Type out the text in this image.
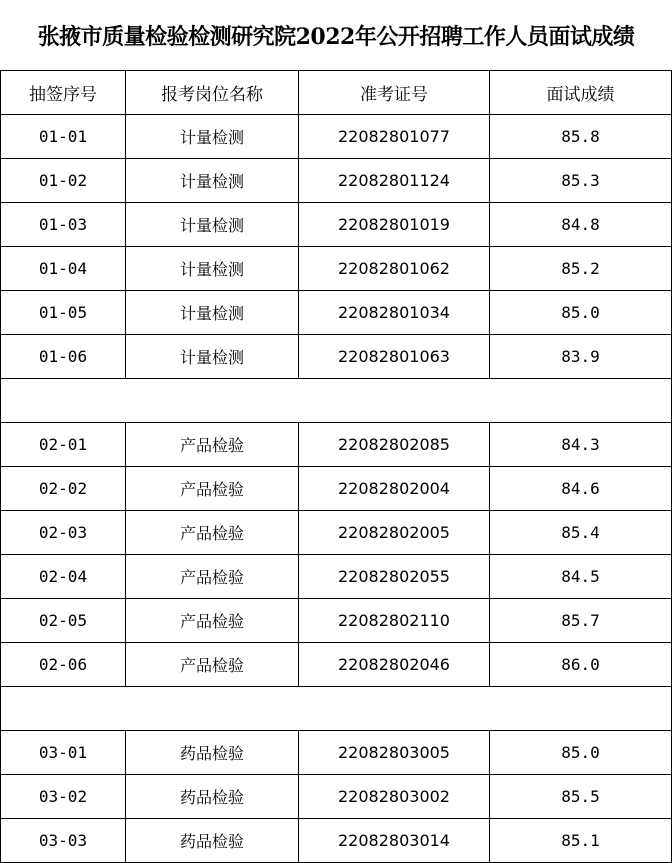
张掖市质量检验检测研究院2022年公开招聘工作人员面试成绩
抽签序号	报考岗位名称	准考证号	面试成绩
01-01	计量检测	22082801077	85.8
01-02	计量检测	22082801124	85.3
01-03	计量检测	22082801019	84.8
01-04	计量检测	22082801062	85.2
01-05	计量检测	22082801034	85.0
01-06	计量检测	22082801063	83.9

02-01	产品检验	22082802085	84.3
02-02	产品检验	22082802004	84.6
02-03	产品检验	22082802005	85.4
02-04	产品检验	22082802055	84.5
02-05	产品检验	22082802110	85.7
02-06	产品检验	22082802046	86.0

03-01	药品检验	22082803005	85.0
03-02	药品检验	22082803002	85.5
03-03	药品检验	22082803014	85.1
